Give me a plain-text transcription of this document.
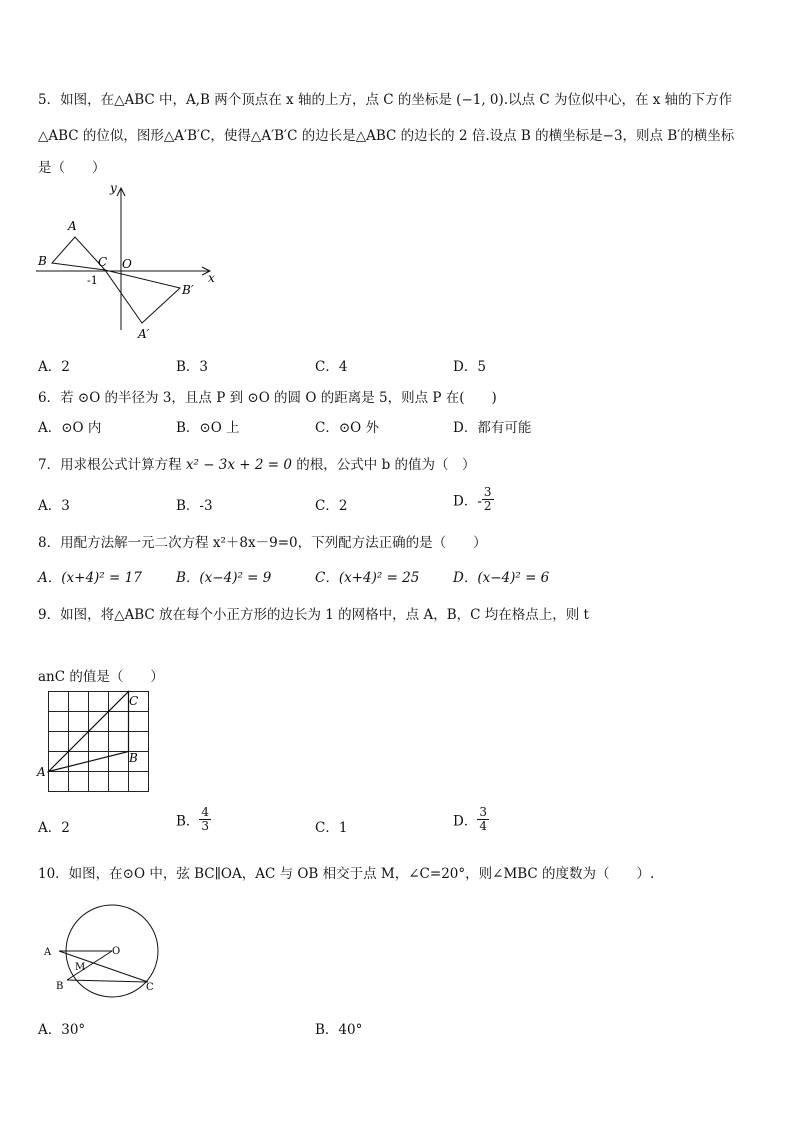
5．如图，在△ABC 中，A,B 两个顶点在 x 轴的上方，点 C 的坐标是 (−1, 0).以点 C 为位似中心，在 x 轴的下方作
△ABC 的位似，图形△A′B′C，使得△A′B′C 的边长是△ABC 的边长的 2 倍.设点 B 的横坐标是−3，则点 B′的横坐标
是（　　）
y
x
A
B	C O
-1
B′
A′
A．2	B．3	C．4	D．5
6．若 ⊙O 的半径为 3，且点 P 到 ⊙O 的圆 O 的距离是 5，则点 P 在(　　)
A．⊙O 内	B．⊙O 上	C．⊙O 外	D．都有可能
7．用求根公式计算方程 x² − 3x + 2 = 0 的根，公式中 b 的值为（　）
A．3	B．-3	C．2	D．- $\frac{3}{2}$
8．用配方法解一元二次方程 x²＋8x－9=0，下列配方法正确的是（　　）
A．(x+4)² = 17	B．(x−4)² = 9	C．(x+4)² = 25 D．(x−4)² = 6
9．如图，将△ABC 放在每个小正方形的边长为 1 的网格中，点 A，B，C 均在格点上，则 t
anC 的值是（　　）
A
C
B
A．2	B． $\frac{4}{3}$	C．1	D． $\frac{3}{4}$
10．如图，在⊙O 中，弦 BC∥OA，AC 与 OB 相交于点 M，∠C=20°，则∠MBC 的度数为（　　）.
A	O
M
B	C
A．30°	B．40°
